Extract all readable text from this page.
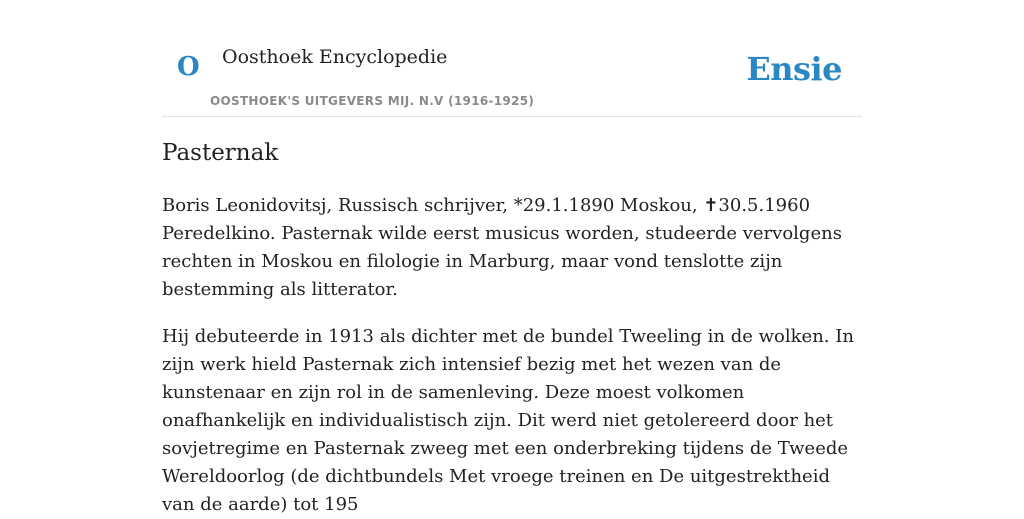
O Oosthoek Encyclopedie
OOSTHOEK'S UITGEVERS MIJ. N.V (1916-1925)
Ensie
Pasternak

Boris Leonidovitsj, Russisch schrijver, *29.1.1890 Moskou, ✝30.5.1960 Peredelkino. Pasternak wilde eerst musicus worden, studeerde vervolgens rechten in Moskou en filologie in Marburg, maar vond tenslotte zijn bestemming als litterator.

Hij debuteerde in 1913 als dichter met de bundel Tweeling in de wolken. In zijn werk hield Pasternak zich intensief bezig met het wezen van de kunstenaar en zijn rol in de samenleving. Deze moest volkomen onafhankelijk en individualistisch zijn. Dit werd niet getolereerd door het sovjetregime en Pasternak zweeg met een onderbreking tijdens de Tweede Wereldoorlog (de dichtbundels Met vroege treinen en De uitgestrektheid van de aarde) tot 195
